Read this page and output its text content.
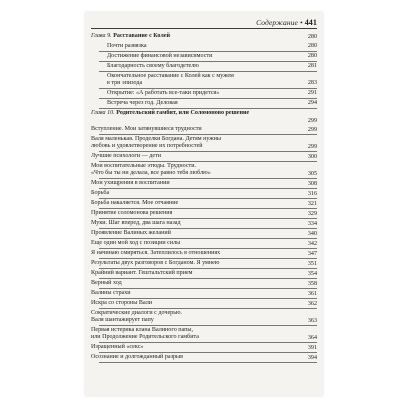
Содержание • 441
Глава 9. Расставание с Колей	280
Почти развязка	280
Достижение финансовой независимости	280
Благодарность своему благодетелю	281
Окончательное расставание с Колей как с мужем
в три эпизода	283
Открытие: «А работать все-таки придется»	291
Встреча через год. Деловая	294
Глава 10. Родительский гамбит, или Соломоново решение
299
Вступление. Мои затянувшиеся трудности	299
Валя маленькая. Проделки Богдана. Детям нужны
любовь и удовлетворение их потребностей	299
Лучшие психологи — дети	300
Мои воспитательные этюды. Трудности.
«Что бы ты ни делала, все равно тебя люблю»	305
Мои ухищрения в воспитании	308
Борьба	316
Борьба накаляется. Мое отчаяние	321
Принятие соломонова решения	329
Муки. Шаг вперед, два шага назад	334
Проявление Валиных желаний	340
Еще один мой ход с позиции силы	342
Я начинаю смиряться. Затеплилось в отношениях	347
Результаты двух разговоров с Богданом. Я умнею	351
Крайний вариант. Гештальтский прием	354
Верный ход	358
Валины страхи	361
Искра со стороны Вали	362
Сократические диалоги с дочерью.
Валя шантажирует папу	363
Первая истерика клана Валиного папы,
или Продолжение Родительского гамбита	364
Изращенный «секс»	391
Осознание и долгожданный разрыв	394
